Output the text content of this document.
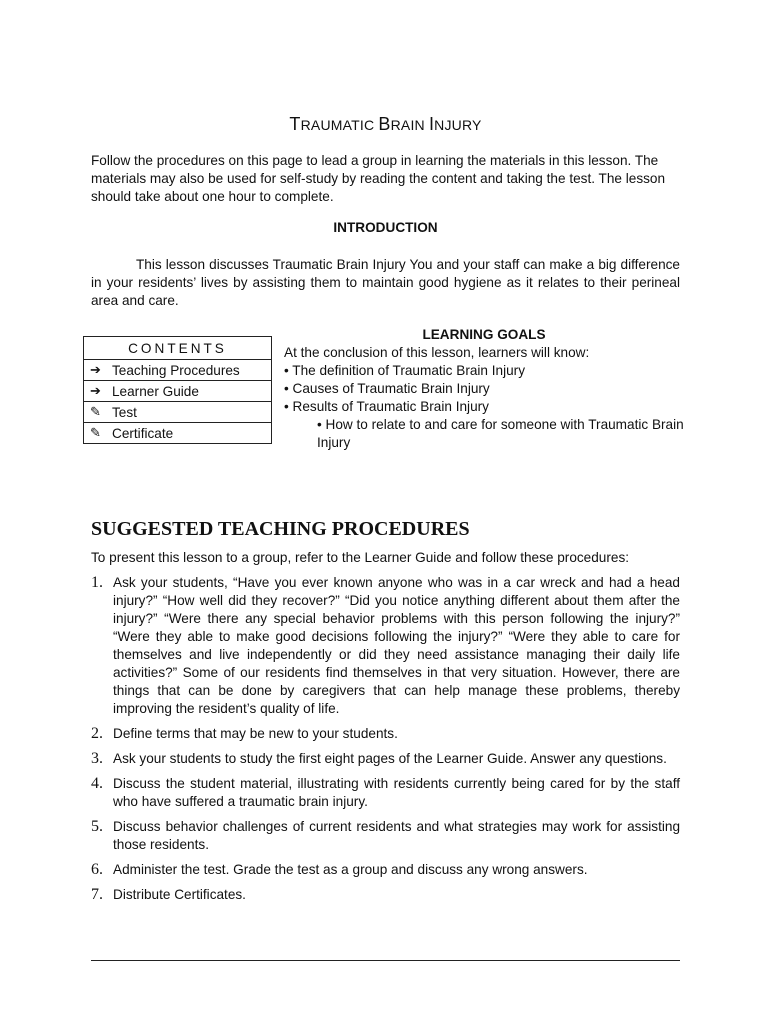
TRAUMATIC BRAIN INJURY
Follow the procedures on this page to lead a group in learning the materials in this lesson. The materials may also be used for self-study by reading the content and taking the test. The lesson should take about one hour to complete.
INTRODUCTION
This lesson discusses Traumatic Brain Injury You and your staff can make a big difference in your residents’ lives by assisting them to maintain good hygiene as it relates to their perineal area and care.
CONTENTS
➔ Teaching Procedures
➔ Learner Guide
✎ Test
✎ Certificate
LEARNING GOALS
At the conclusion of this lesson, learners will know:
• The definition of Traumatic Brain Injury
• Causes of Traumatic Brain Injury
• Results of Traumatic Brain Injury
• How to relate to and care for someone with Traumatic Brain Injury
SUGGESTED TEACHING PROCEDURES
To present this lesson to a group, refer to the Learner Guide and follow these procedures:
1. Ask your students, “Have you ever known anyone who was in a car wreck and had a head injury?” “How well did they recover?” “Did you notice anything different about them after the injury?” “Were there any special behavior problems with this person following the injury?” “Were they able to make good decisions following the injury?” “Were they able to care for themselves and live independently or did they need assistance managing their daily life activities?” Some of our residents find themselves in that very situation. However, there are things that can be done by caregivers that can help manage these problems, thereby improving the resident’s quality of life.
2. Define terms that may be new to your students.
3. Ask your students to study the first eight pages of the Learner Guide. Answer any questions.
4. Discuss the student material, illustrating with residents currently being cared for by the staff who have suffered a traumatic brain injury.
5. Discuss behavior challenges of current residents and what strategies may work for assisting those residents.
6. Administer the test. Grade the test as a group and discuss any wrong answers.
7. Distribute Certificates.
